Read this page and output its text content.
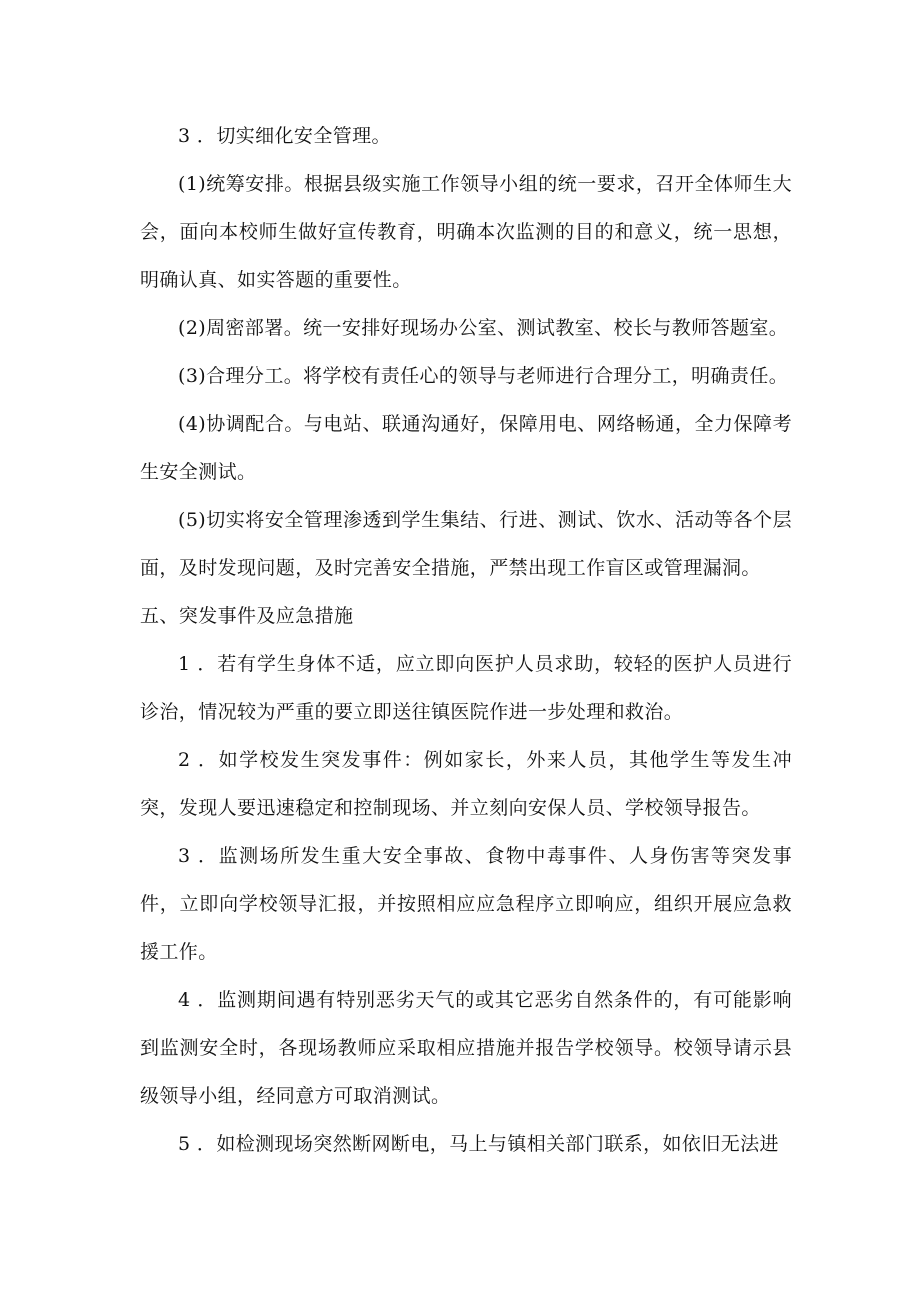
3 ．切实细化安全管理。

(1)统筹安排。根据县级实施工作领导小组的统一要求，召开全体师生大会，面向本校师生做好宣传教育，明确本次监测的目的和意义，统一思想，明确认真、如实答题的重要性。

(2)周密部署。统一安排好现场办公室、测试教室、校长与教师答题室。

(3)合理分工。将学校有责任心的领导与老师进行合理分工，明确责任。

(4)协调配合。与电站、联通沟通好，保障用电、网络畅通，全力保障考生安全测试。

(5)切实将安全管理渗透到学生集结、行进、测试、饮水、活动等各个层面，及时发现问题，及时完善安全措施，严禁出现工作盲区或管理漏洞。

五、突发事件及应急措施

1 ．若有学生身体不适，应立即向医护人员求助，较轻的医护人员进行诊治，情况较为严重的要立即送往镇医院作进一步处理和救治。

2 ．如学校发生突发事件：例如家长，外来人员，其他学生等发生冲突，发现人要迅速稳定和控制现场、并立刻向安保人员、学校领导报告。

3 ．监测场所发生重大安全事故、食物中毒事件、人身伤害等突发事件，立即向学校领导汇报，并按照相应应急程序立即响应，组织开展应急救援工作。

4 ．监测期间遇有特别恶劣天气的或其它恶劣自然条件的，有可能影响到监测安全时，各现场教师应采取相应措施并报告学校领导。校领导请示县级领导小组，经同意方可取消测试。

5 ．如检测现场突然断网断电，马上与镇相关部门联系，如依旧无法进
